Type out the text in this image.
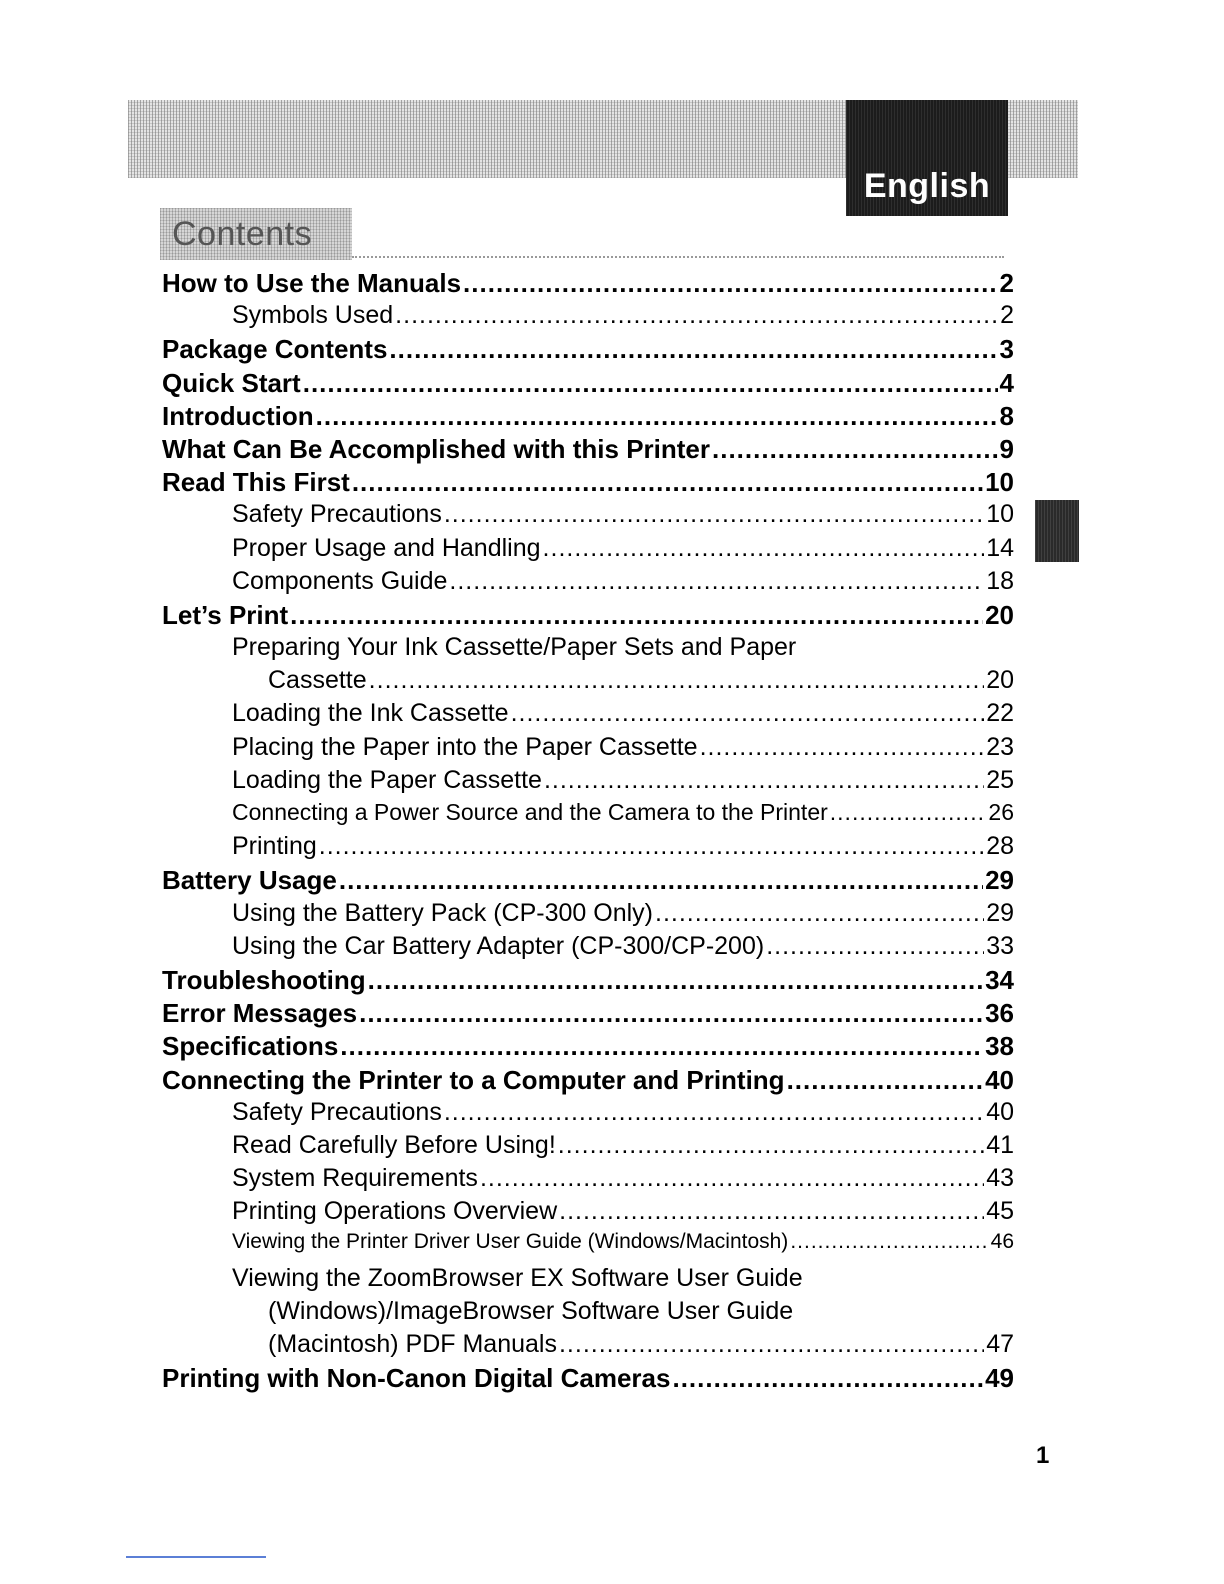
English
Contents
How to Use the Manuals .....	2
Symbols Used .....	2
Package Contents .....	3
Quick Start .....	4
Introduction .....	8
What Can Be Accomplished with this Printer .....	9
Read This First .....	10
Safety Precautions .....	10
Proper Usage and Handling .....	14
Components Guide .....	18
Let’s Print .....	20
Preparing Your Ink Cassette/Paper Sets and Paper
Cassette .....	20
Loading the Ink Cassette .....	22
Placing the Paper into the Paper Cassette .....	23
Loading the Paper Cassette .....	25
Connecting a Power Source and the Camera to the Printer .....	26
Printing .....	28
Battery Usage .....	29
Using the Battery Pack (CP-300 Only) .....	29
Using the Car Battery Adapter (CP-300/CP-200) .....	33
Troubleshooting .....	34
Error Messages .....	36
Specifications .....	38
Connecting the Printer to a Computer and Printing .....	40
Safety Precautions .....	40
Read Carefully Before Using! .....	41
System Requirements .....	43
Printing Operations Overview .....	45
Viewing the Printer Driver User Guide (Windows/Macintosh) .....	46
Viewing the ZoomBrowser EX Software User Guide
(Windows)/ImageBrowser Software User Guide
(Macintosh) PDF Manuals .....	47
Printing with Non-Canon Digital Cameras .....	49
1
